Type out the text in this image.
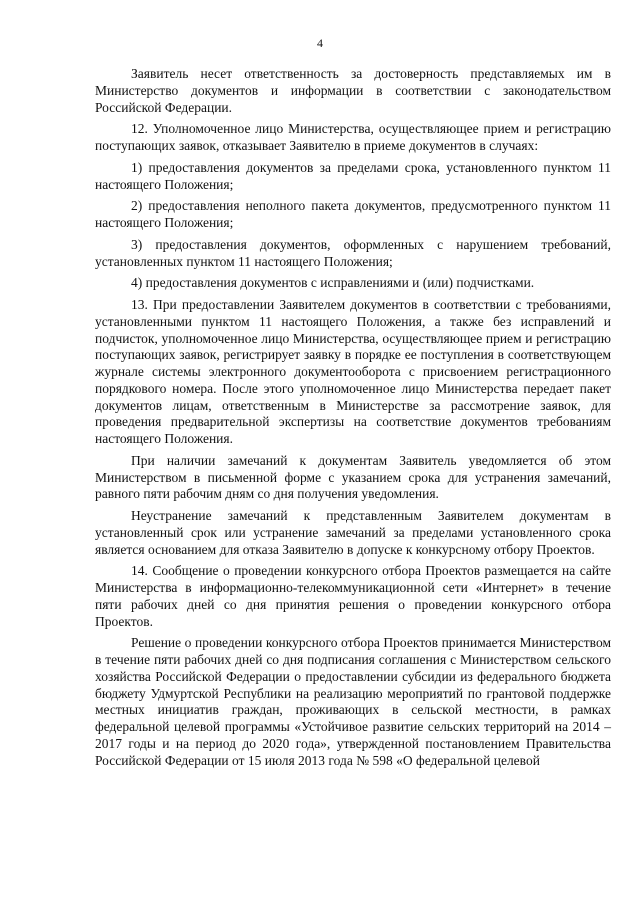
4

Заявитель несет ответственность за достоверность представляемых им в Министерство документов и информации в соответствии с законодательством Российской Федерации.

12. Уполномоченное лицо Министерства, осуществляющее прием и регистрацию поступающих заявок, отказывает Заявителю в приеме документов в случаях:

1) предоставления документов за пределами срока, установленного пунктом 11 настоящего Положения;

2) предоставления неполного пакета документов, предусмотренного пунктом 11 настоящего Положения;

3) предоставления документов, оформленных с нарушением требований, установленных пунктом 11 настоящего Положения;

4) предоставления документов с исправлениями и (или) подчистками.

13. При предоставлении Заявителем документов в соответствии с требованиями, установленными пунктом 11 настоящего Положения, а также без исправлений и подчисток, уполномоченное лицо Министерства, осуществляющее прием и регистрацию поступающих заявок, регистрирует заявку в порядке ее поступления в соответствующем журнале системы электронного документооборота с присвоением регистрационного порядкового номера. После этого уполномоченное лицо Министерства передает пакет документов лицам, ответственным в Министерстве за рассмотрение заявок, для проведения предварительной экспертизы на соответствие документов требованиям настоящего Положения.

При наличии замечаний к документам Заявитель уведомляется об этом Министерством в письменной форме с указанием срока для устранения замечаний, равного пяти рабочим дням со дня получения уведомления.

Неустранение замечаний к представленным Заявителем документам в установленный срок или устранение замечаний за пределами установленного срока является основанием для отказа Заявителю в допуске к конкурсному отбору Проектов.

14. Сообщение о проведении конкурсного отбора Проектов размещается на сайте Министерства в информационно-телекоммуникационной сети «Интернет» в течение пяти рабочих дней со дня принятия решения о проведении конкурсного отбора Проектов.

Решение о проведении конкурсного отбора Проектов принимается Министерством в течение пяти рабочих дней со дня подписания соглашения с Министерством сельского хозяйства Российской Федерации о предоставлении субсидии из федерального бюджета бюджету Удмуртской Республики на реализацию мероприятий по грантовой поддержке местных инициатив граждан, проживающих в сельской местности, в рамках федеральной целевой программы «Устойчивое развитие сельских территорий на 2014 – 2017 годы и на период до 2020 года», утвержденной постановлением Правительства Российской Федерации от 15 июля 2013 года № 598 «О федеральной целевой
